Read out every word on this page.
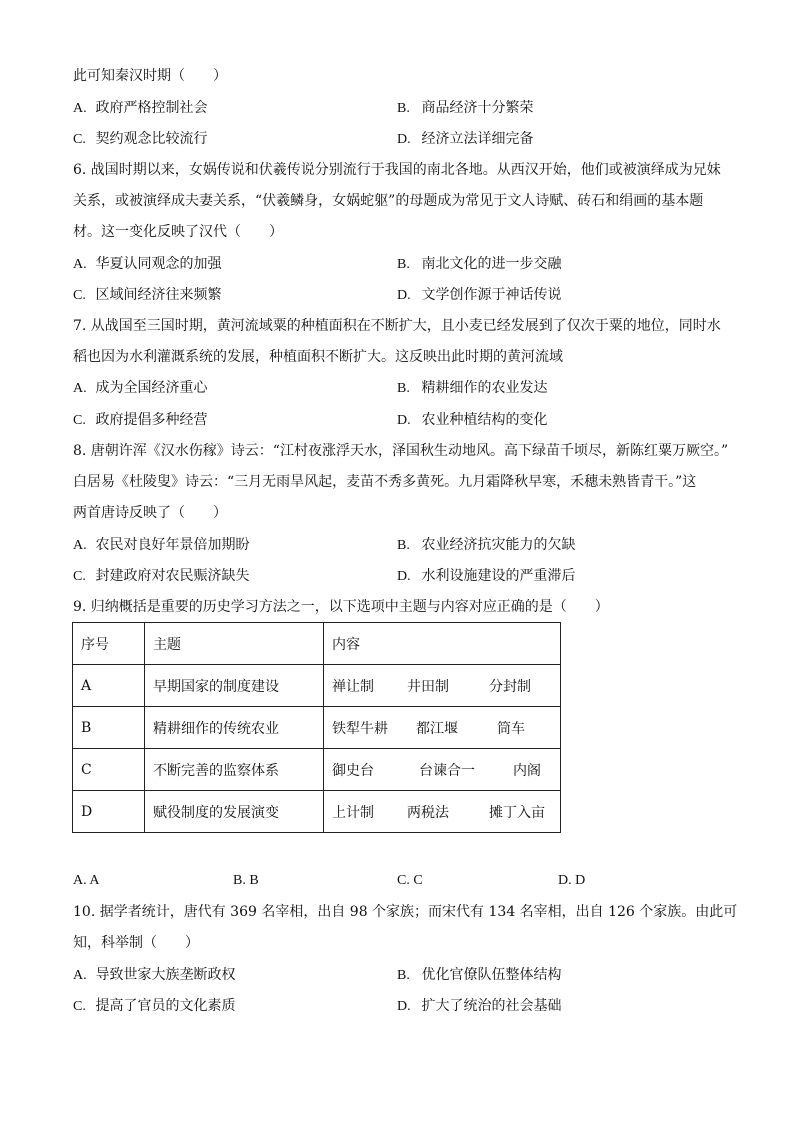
此可知秦汉时期（　　）
A. 政府严格控制社会	B. 商品经济十分繁荣
C. 契约观念比较流行	D. 经济立法详细完备
6. 战国时期以来，女娲传说和伏羲传说分别流行于我国的南北各地。从西汉开始，他们或被演绎成为兄妹
关系，或被演绎成夫妻关系，“伏羲鳞身，女娲蛇躯”的母题成为常见于文人诗赋、砖石和绢画的基本题
材。这一变化反映了汉代（　　）
A. 华夏认同观念的加强	B. 南北文化的进一步交融
C. 区域间经济往来频繁	D. 文学创作源于神话传说
7. 从战国至三国时期，黄河流域粟的种植面积在不断扩大，且小麦已经发展到了仅次于粟的地位，同时水
稻也因为水利灌溉系统的发展，种植面积不断扩大。这反映出此时期的黄河流域
A. 成为全国经济重心	B. 精耕细作的农业发达
C. 政府提倡多种经营	D. 农业种植结构的变化
8. 唐朝许浑《汉水伤稼》诗云：“江村夜涨浮天水，泽国秋生动地风。高下绿苗千顷尽，新陈红粟万厥空。”
白居易《杜陵叟》诗云：“三月无雨旱风起，麦苗不秀多黄死。九月霜降秋早寒，禾穗未熟皆青干。”这
两首唐诗反映了（　　）
A. 农民对良好年景倍加期盼	B. 农业经济抗灾能力的欠缺
C. 封建政府对农民赈济缺失	D. 水利设施建设的严重滞后
9. 归纳概括是重要的历史学习方法之一，以下选项中主题与内容对应正确的是（　　）
序号	主题	内容
A	早期国家的制度建设	禅让制 井田制 分封制
B	精耕细作的传统农业	铁犁牛耕 都江堰 筒车
C	不断完善的监察体系	御史台 台谏合一 内阁
D	赋役制度的发展演变	上计制 两税法 摊丁入亩
A. A	B. B	C. C	D. D
10. 据学者统计，唐代有 369 名宰相，出自 98 个家族；而宋代有 134 名宰相，出自 126 个家族。由此可
知，科举制（　　）
A. 导致世家大族垄断政权	B. 优化官僚队伍整体结构
C. 提高了官员的文化素质	D. 扩大了统治的社会基础
